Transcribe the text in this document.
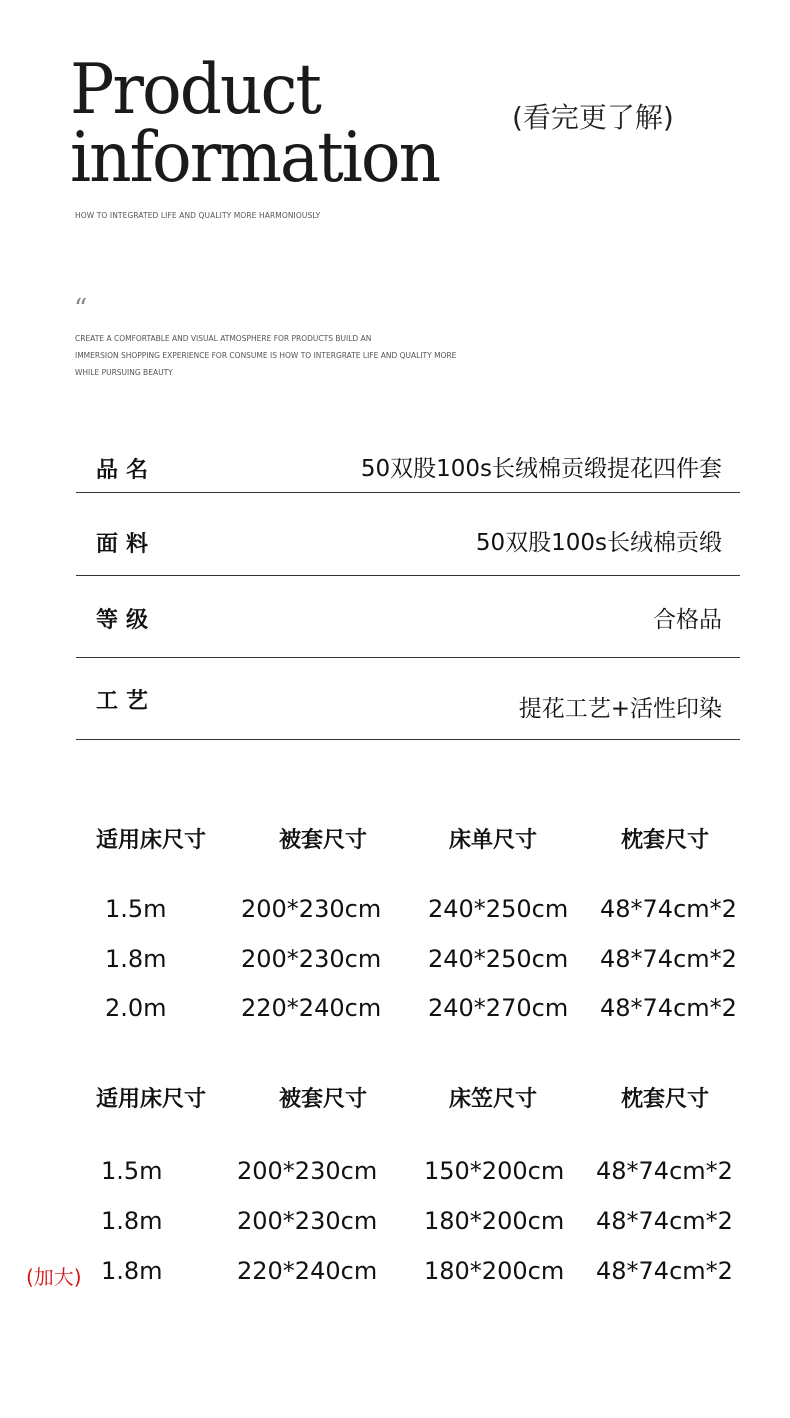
Product
information	(看完更了解)
HOW TO INTEGRATED LIFE AND QUALITY MORE HARMONIOUSLY
“
CREATE A COMFORTABLE AND VISUAL ATMOSPHERE FOR PRODUCTS BUILD AN
IMMERSION SHOPPING EXPERIENCE FOR CONSUME IS HOW TO INTERGRATE LIFE AND QUALITY MORE
WHILE PURSUING BEAUTY
品名	50双股100s长绒棉贡缎提花四件套
面料	50双股100s长绒棉贡缎
等级	合格品
工艺	提花工艺+活性印染
适用床尺寸	被套尺寸	床单尺寸	枕套尺寸
1.5m	200*230cm 240*250cm 48*74cm*2
1.8m	200*230cm 240*250cm 48*74cm*2
2.0m	220*240cm 240*270cm 48*74cm*2
适用床尺寸	被套尺寸	床笠尺寸	枕套尺寸
1.5m	200*230cm 150*200cm 48*74cm*2
1.8m	200*230cm 180*200cm 48*74cm*2
(加大) 1.8m	220*240cm 180*200cm 48*74cm*2
